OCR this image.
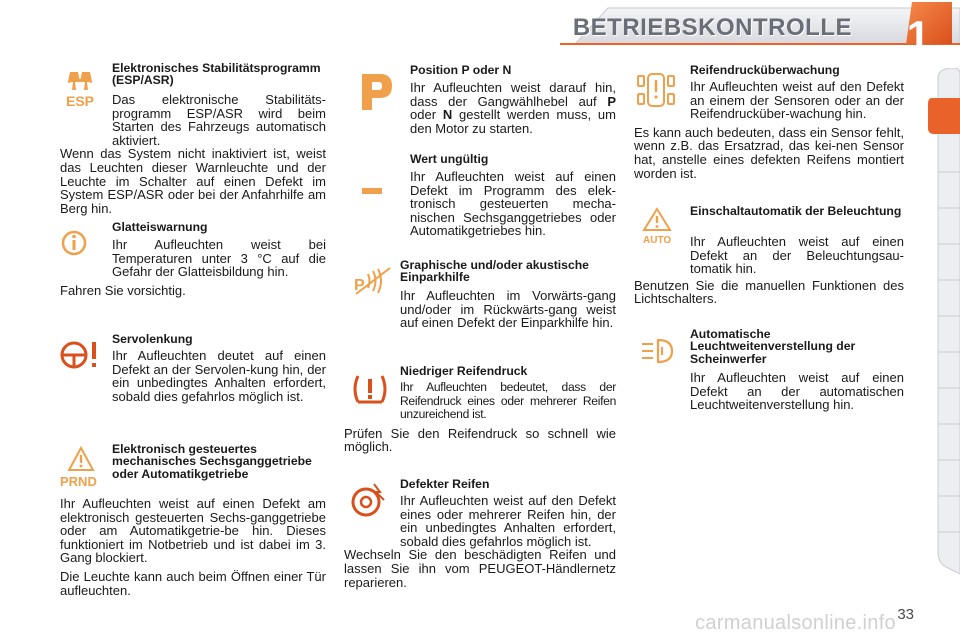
BETRIEBSKONTROLLE 1
ESP

Elektronisches Stabilitätsprogramm (ESP/ASR)

Das elektronische Stabilitäts-programm ESP/ASR wird beim Starten des Fahrzeugs automatisch aktiviert.

Wenn das System nicht inaktiviert ist, weist das Leuchten dieser Warnleuchte und der Leuchte im Schalter auf einen Defekt im System ESP/ASR oder bei der Anfahrhilfe am Berg hin.

Glatteiswarnung

Ihr Aufleuchten weist bei Temperaturen unter 3 °C auf die Gefahr der Glatteisbildung hin.

Fahren Sie vorsichtig.

Servolenkung

Ihr Aufleuchten deutet auf einen Defekt an der Servolen-kung hin, der ein unbedingtes Anhalten erfordert, sobald dies gefahrlos möglich ist.

PRND

Elektronisch gesteuertes mechanisches Sechsganggetriebe oder Automatikgetriebe

Ihr Aufleuchten weist auf einen Defekt am elektronisch gesteuerten Sechs-ganggetriebe oder am Automatikgetrie-be hin. Dieses funktioniert im Notbetrieb und ist dabei im 3. Gang blockiert.

Die Leuchte kann auch beim Öffnen einer Tür aufleuchten.

Position P oder N

Ihr Aufleuchten weist darauf hin, dass der Gangwählhebel auf P oder N gestellt werden muss, um den Motor zu starten.

Wert ungültig

Ihr Aufleuchten weist auf einen Defekt im Programm des elek-tronisch gesteuerten mecha-nischen Sechsganggetriebes oder Automatikgetriebes hin.

P

Graphische und/oder akustische Einparkhilfe

Ihr Aufleuchten im Vorwärts-gang und/oder im Rückwärts-gang weist auf einen Defekt der Einparkhilfe hin.

Niedriger Reifendruck

Ihr Aufleuchten bedeutet, dass der Reifendruck eines oder mehrerer Reifen unzureichend ist.

Prüfen Sie den Reifendruck so schnell wie möglich.

Defekter Reifen

Ihr Aufleuchten weist auf den Defekt eines oder mehrerer Reifen hin, der ein unbedingtes Anhalten erfordert, sobald dies gefahrlos möglich ist.

Wechseln Sie den beschädigten Reifen und lassen Sie ihn vom PEUGEOT-Händlernetz reparieren.

Reifendrucküberwachung

Ihr Aufleuchten weist auf den Defekt an einem der Sensoren oder an der Reifendrucküber-wachung hin.

Es kann auch bedeuten, dass ein Sensor fehlt, wenn z.B. das Ersatzrad, das kei-nen Sensor hat, anstelle eines defekten Reifens montiert worden ist.

AUTO

Einschaltautomatik der Beleuchtung

Ihr Aufleuchten weist auf einen Defekt an der Beleuchtungsau-tomatik hin.

Benutzen Sie die manuellen Funktionen des Lichtschalters.

Automatische Leuchtweitenverstellung der Scheinwerfer

Ihr Aufleuchten weist auf einen Defekt an der automatischen Leuchtweitenverstellung hin.

carmanualsonline.info 33
